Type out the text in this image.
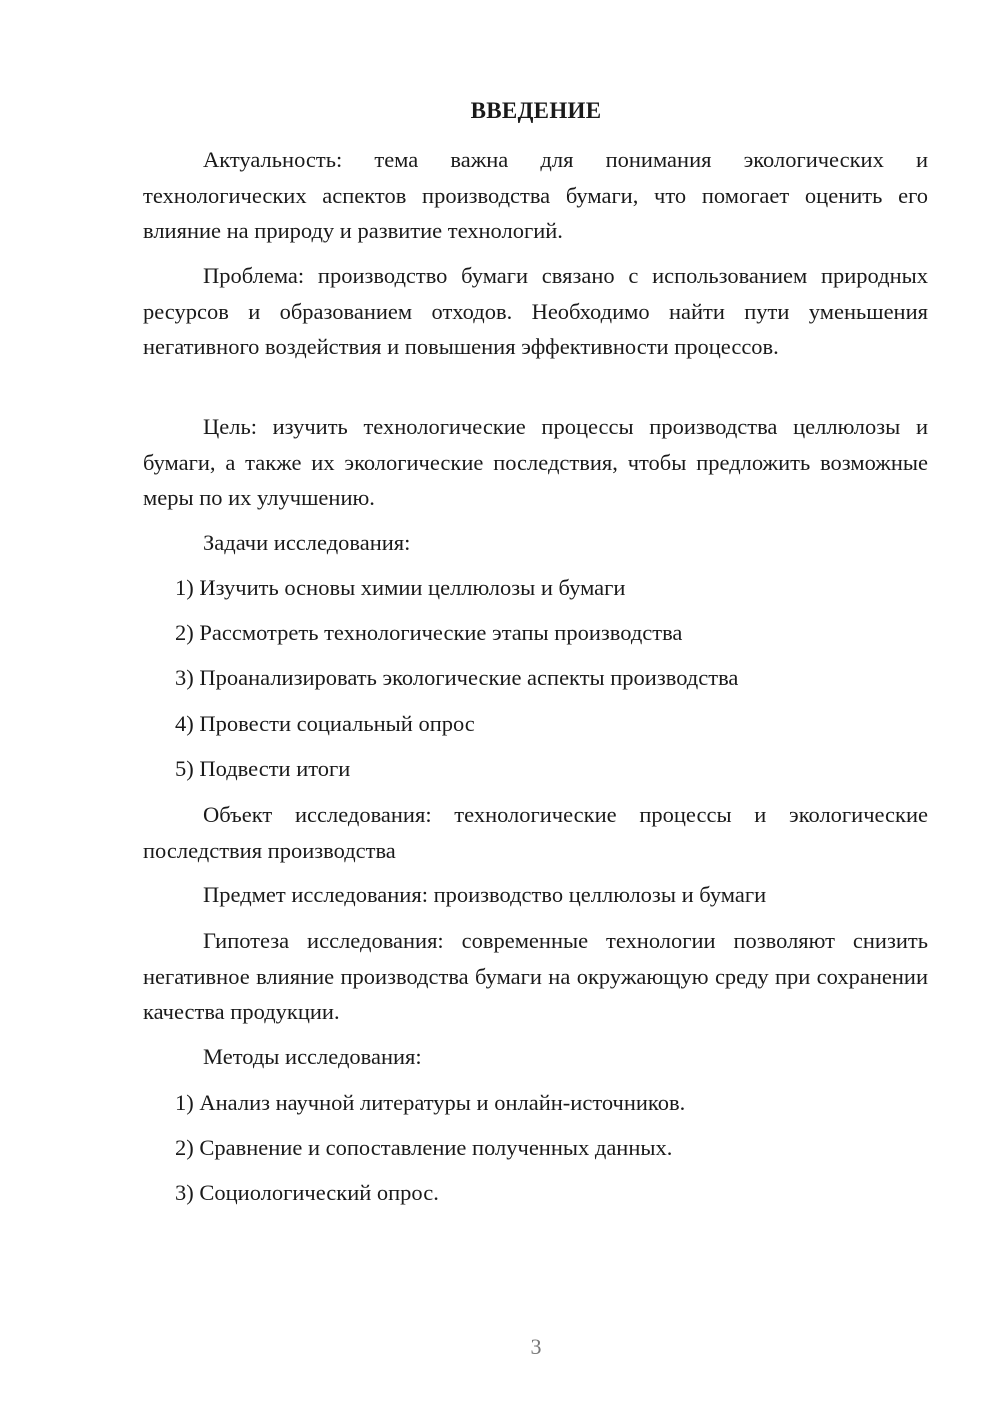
ВВЕДЕНИЕ

Актуальность: тема важна для понимания экологических и технологических аспектов производства бумаги, что помогает оценить его влияние на природу и развитие технологий.

Проблема: производство бумаги связано с использованием природных ресурсов и образованием отходов. Необходимо найти пути уменьшения негативного воздействия и повышения эффективности процессов.

Цель: изучить технологические процессы производства целлюлозы и бумаги, а также их экологические последствия, чтобы предложить возможные меры по их улучшению.

Задачи исследования:

1) Изучить основы химии целлюлозы и бумаги

2) Рассмотреть технологические этапы производства

3) Проанализировать экологические аспекты производства

4) Провести социальный опрос

5) Подвести итоги

Объект исследования: технологические процессы и экологические последствия производства

Предмет исследования: производство целлюлозы и бумаги

Гипотеза исследования: современные технологии позволяют снизить негативное влияние производства бумаги на окружающую среду при сохранении качества продукции.

Методы исследования:

1) Анализ научной литературы и онлайн-источников.

2) Сравнение и сопоставление полученных данных.

3) Социологический опрос.

3
